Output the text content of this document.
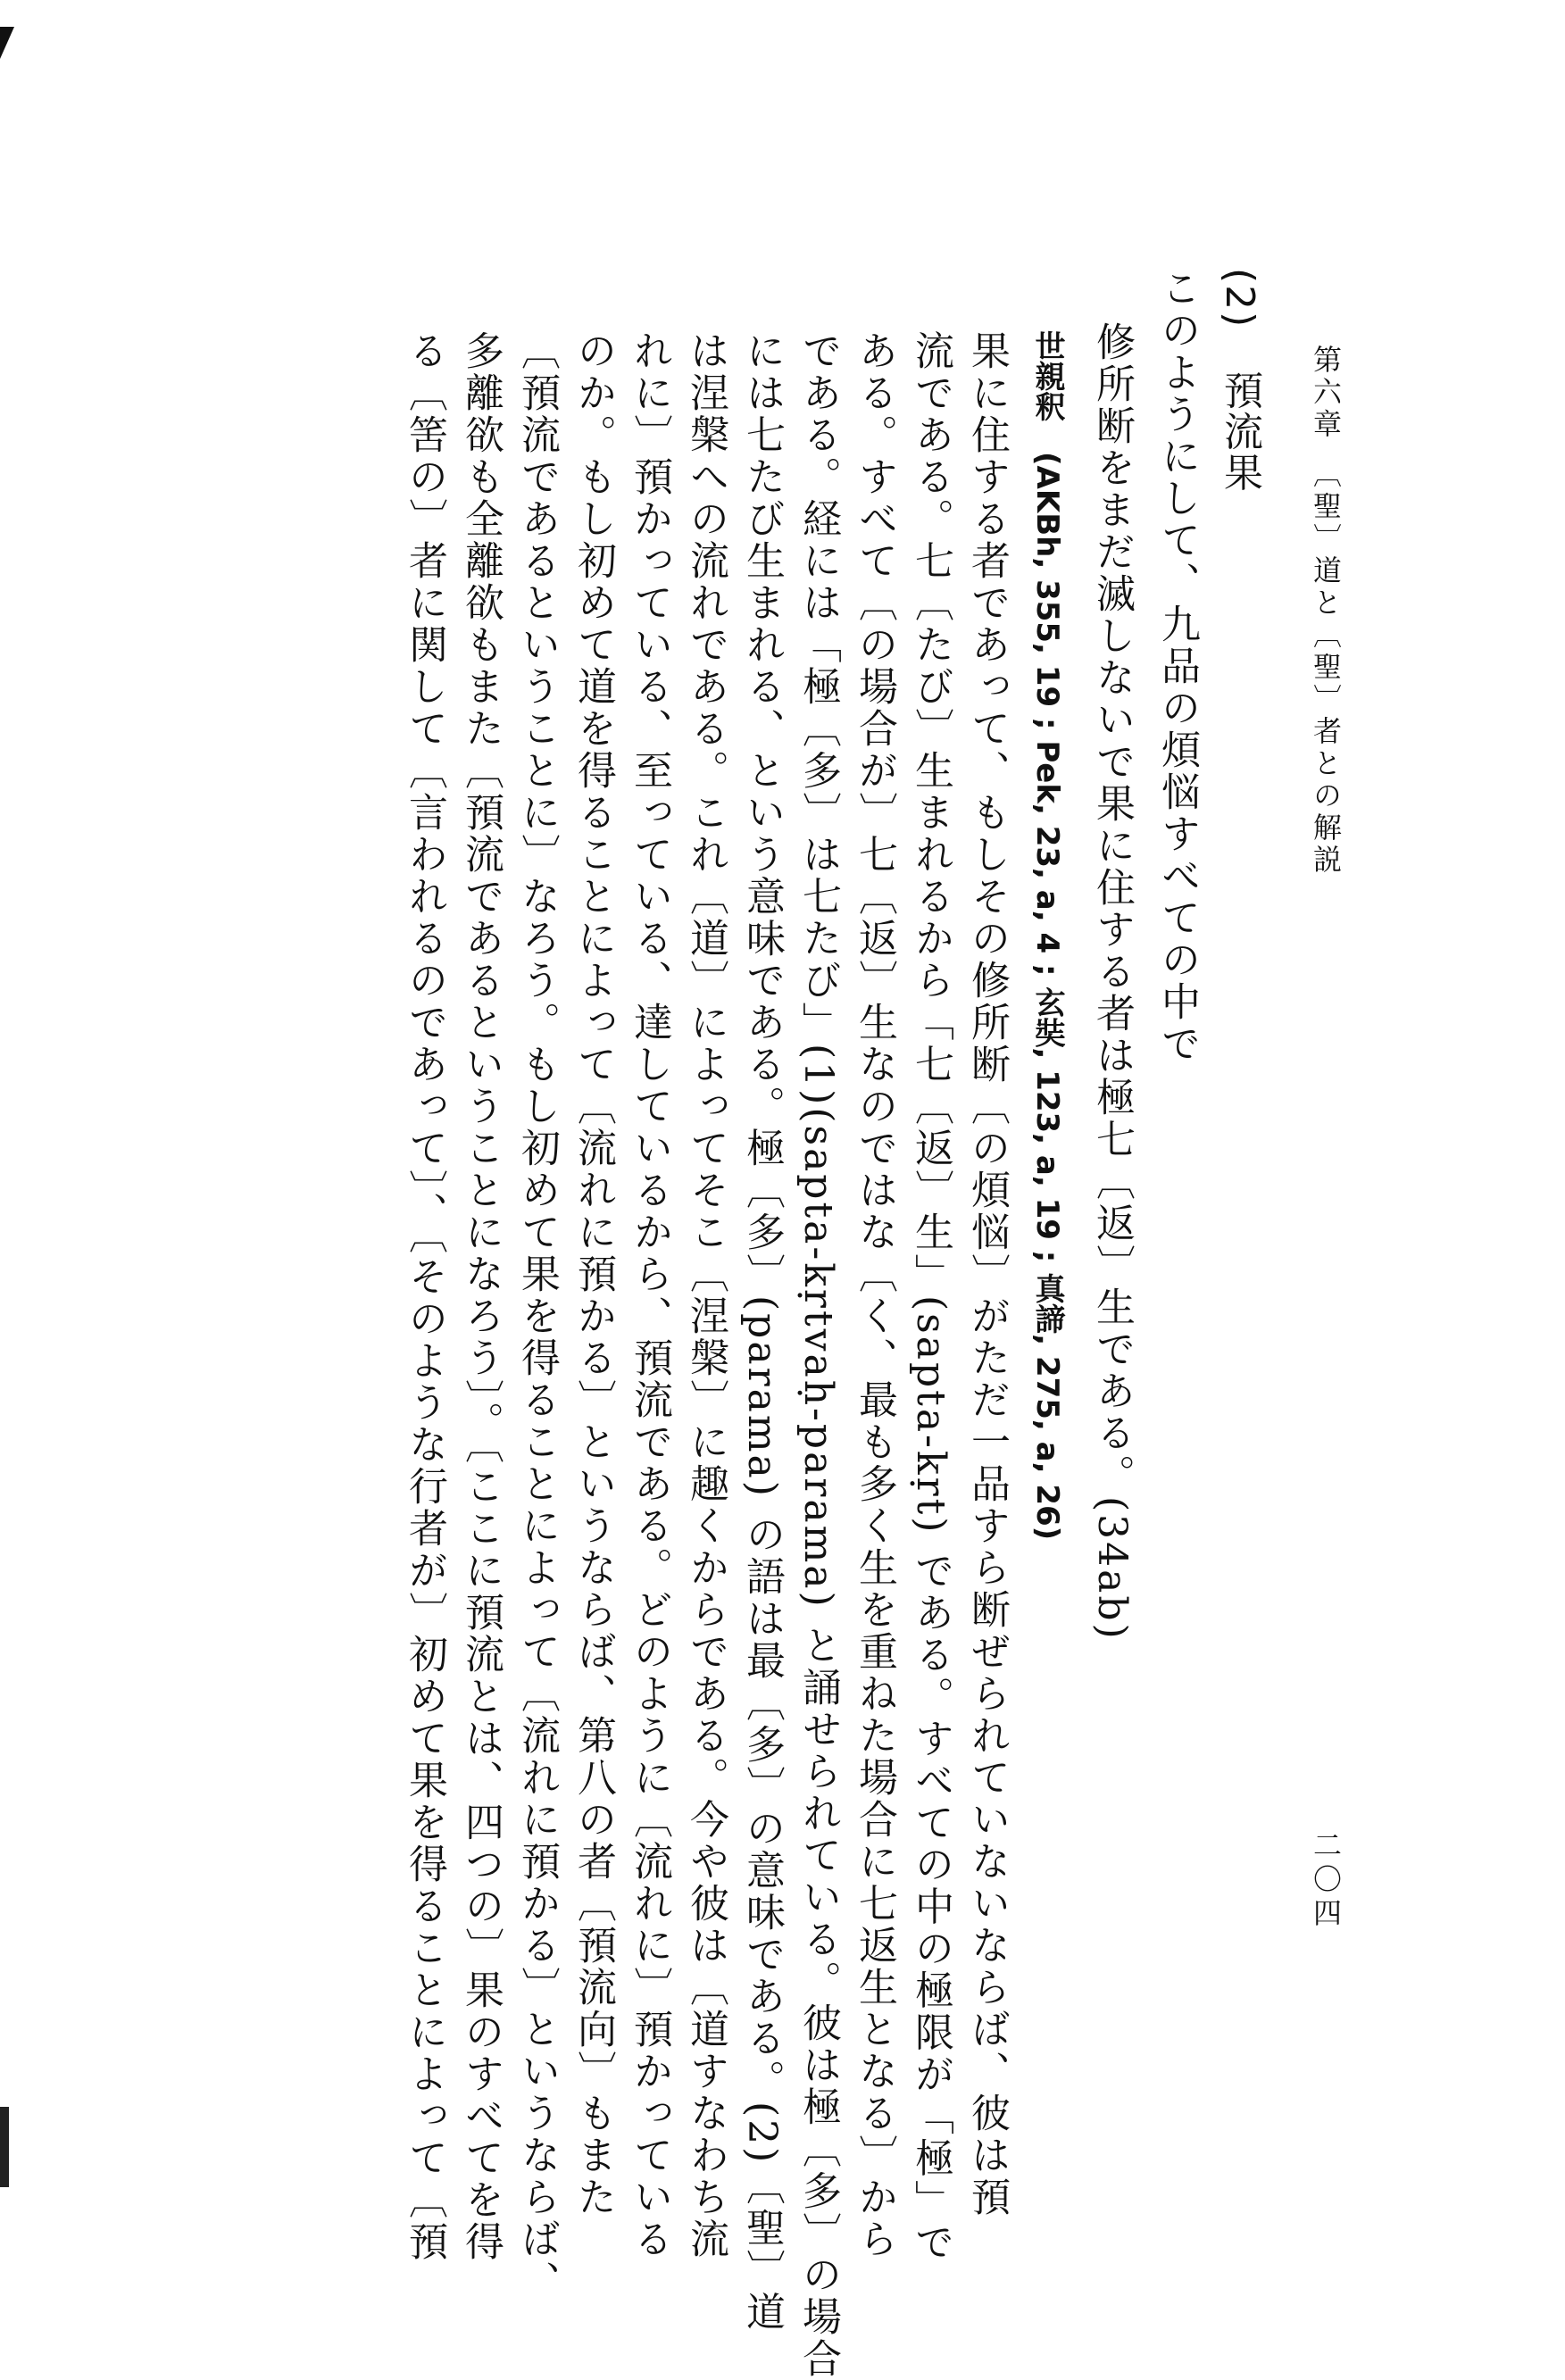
第六章　〔聖〕道と〔聖〕者との解説
二〇四
(2)　預流果
このようにして、九品の煩悩すべての中で
修所断をまだ滅しないで果に住する者は極七〔返〕生である。(34ab)
世親釈　(AKBh, 355, 19 ; Pek, 23, a, 4 ; 玄奘, 123, a, 19 ; 真諦, 275, a, 26)
果に住する者であって、もしその修所断〔の煩悩〕がただ一品すら断ぜられていないならば、彼は預
流である。七〔たび〕生まれるから「七〔返〕生」(sapta-kṛt) である。すべての中の極限が「極」で
ある。すべて〔の場合が〕七〔返〕生なのではな〔く、最も多く生を重ねた場合に七返生となる〕から
である。経には「極〔多〕は七たび」(1)(sapta-kṛtvaḥ-parama) と誦せられている。彼は極〔多〕の場合
には七たび生まれる、という意味である。極〔多〕(parama) の語は最〔多〕の意味である。(2)〔聖〕道
は涅槃への流れである。これ〔道〕によってそこ〔涅槃〕に趣くからである。今や彼は〔道すなわち流
れに〕預かっている、至っている、達しているから、預流である。どのように〔流れに〕預かっている
のか。もし初めて道を得ることによって〔流れに預かる〕というならば、第八の者〔預流向〕もまた
〔預流であるということに〕なろう。もし初めて果を得ることによって〔流れに預かる〕というならば、
多離欲も全離欲もまた〔預流であるということになろう〕。〔ここに預流とは、四つの〕果のすべてを得
る〔筈の〕者に関して〔言われるのであって〕、〔そのような行者が〕初めて果を得ることによって〔預
